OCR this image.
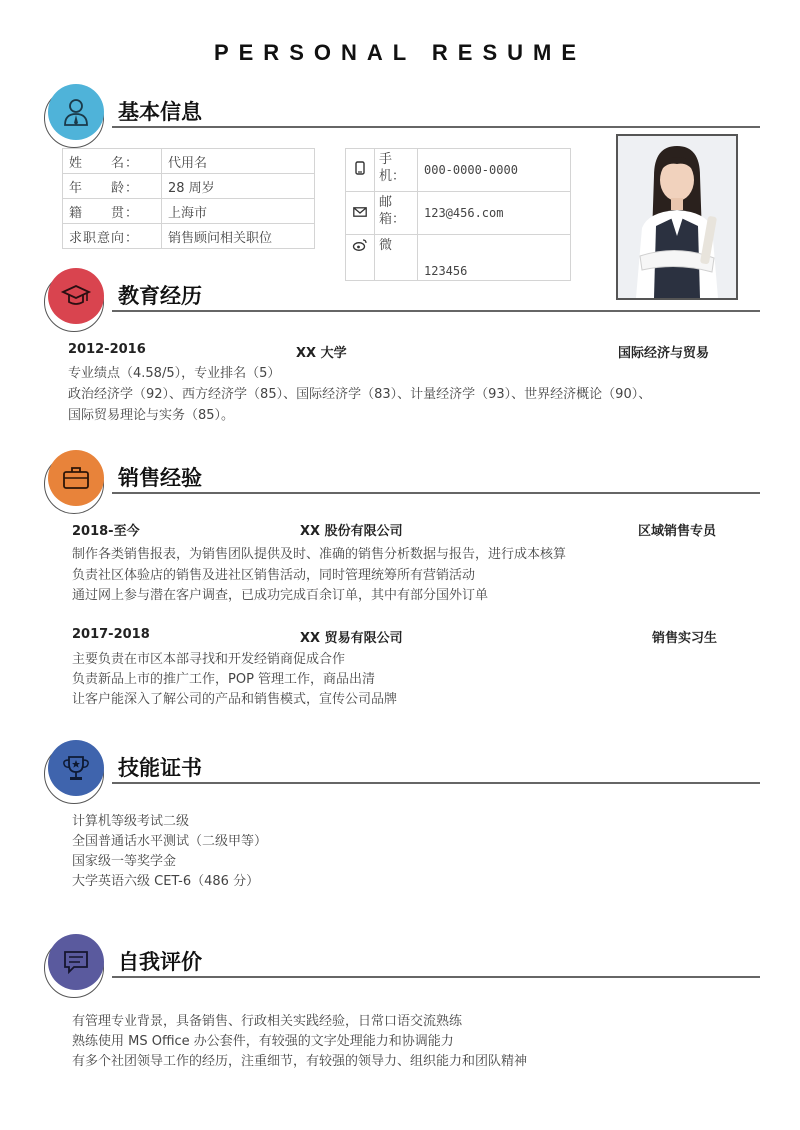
PERSONAL RESUME
基本信息
姓　　名：	代用名
年　　龄：	28 周岁
籍　　贯：	上海市
求职意向：	销售顾问相关职位
	手机：	000-0000-0000
	邮箱：	123@456.com
	微	123456
教育经历
2012-2016	XX 大学	国际经济与贸易
专业绩点（4.58/5），专业排名（5）
政治经济学（92）、西方经济学（85）、国际经济学（83）、计量经济学（93）、世界经济概论（90）、
国际贸易理论与实务（85）。
销售经验
2018-至今	XX 股份有限公司	区域销售专员
制作各类销售报表，为销售团队提供及时、准确的销售分析数据与报告，进行成本核算
负责社区体验店的销售及进社区销售活动，同时管理统筹所有营销活动
通过网上参与潜在客户调查，已成功完成百余订单，其中有部分国外订单
2017-2018	XX 贸易有限公司	销售实习生
主要负责在市区本部寻找和开发经销商促成合作
负责新品上市的推广工作，POP 管理工作，商品出清
让客户能深入了解公司的产品和销售模式，宣传公司品牌
技能证书
计算机等级考试二级
全国普通话水平测试（二级甲等）
国家级一等奖学金
大学英语六级 CET-6（486 分）
自我评价
有管理专业背景，具备销售、行政相关实践经验，日常口语交流熟练
熟练使用 MS Office 办公套件，有较强的文字处理能力和协调能力
有多个社团领导工作的经历，注重细节，有较强的领导力、组织能力和团队精神
